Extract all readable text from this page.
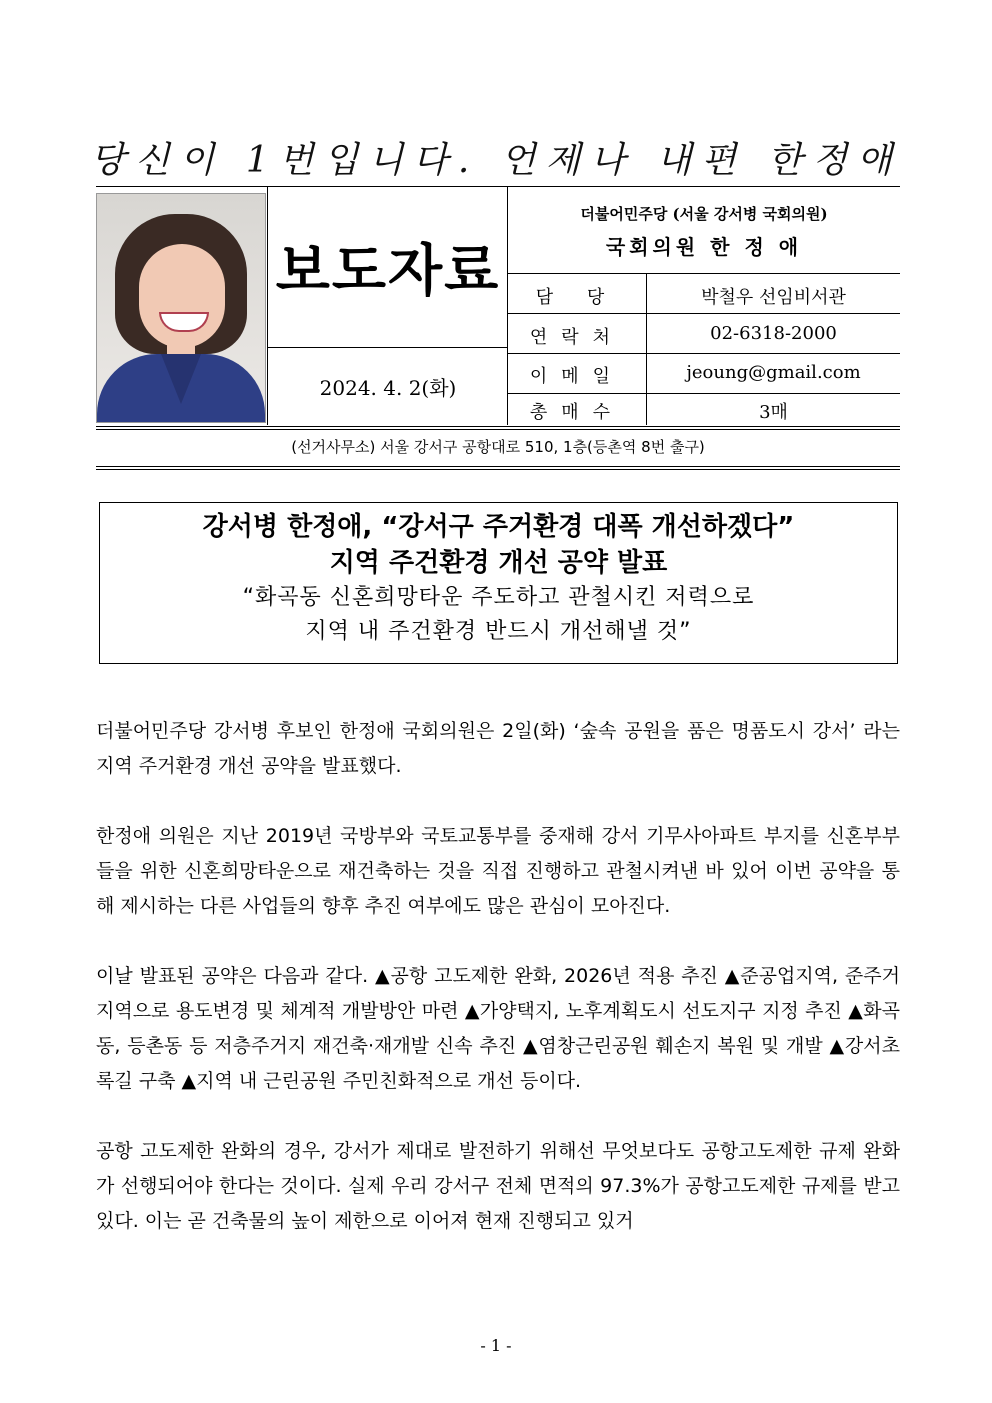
당신이 1번입니다. 언제나 내편 한정애
보도자료
2024. 4. 2(화)
더불어민주당 (서울 강서병 국회의원)
국회의원 한 정 애
담 당	박철우 선임비서관
연락처	02-6318-2000
이메일	jeoung@gmail.com
총매수	3매
(선거사무소) 서울 강서구 공항대로 510, 1층(등촌역 8번 출구)
강서병 한정애, “강서구 주거환경 대폭 개선하겠다”
지역 주건환경 개선 공약 발표
“화곡동 신혼희망타운 주도하고 관철시킨 저력으로
지역 내 주건환경 반드시 개선해낼 것”

더불어민주당 강서병 후보인 한정애 국회의원은 2일(화) ‘숲속 공원을 품은 명품도시 강서’ 라는 지역 주거환경 개선 공약을 발표했다.

한정애 의원은 지난 2019년 국방부와 국토교통부를 중재해 강서 기무사아파트 부지를 신혼부부들을 위한 신혼희망타운으로 재건축하는 것을 직접 진행하고 관철시켜낸 바 있어 이번 공약을 통해 제시하는 다른 사업들의 향후 추진 여부에도 많은 관심이 모아진다.

이날 발표된 공약은 다음과 같다. ▲공항 고도제한 완화, 2026년 적용 추진 ▲준공업지역, 준주거지역으로 용도변경 및 체계적 개발방안 마련 ▲가양택지, 노후계획도시 선도지구 지정 추진 ▲화곡동, 등촌동 등 저층주거지 재건축·재개발 신속 추진 ▲염창근린공원 훼손지 복원 및 개발 ▲강서초록길 구축 ▲지역 내 근린공원 주민친화적으로 개선 등이다.

공항 고도제한 완화의 경우, 강서가 제대로 발전하기 위해선 무엇보다도 공항고도제한 규제 완화가 선행되어야 한다는 것이다. 실제 우리 강서구 전체 면적의 97.3%가 공항고도제한 규제를 받고 있다. 이는 곧 건축물의 높이 제한으로 이어져 현재 진행되고 있거

- 1 -
